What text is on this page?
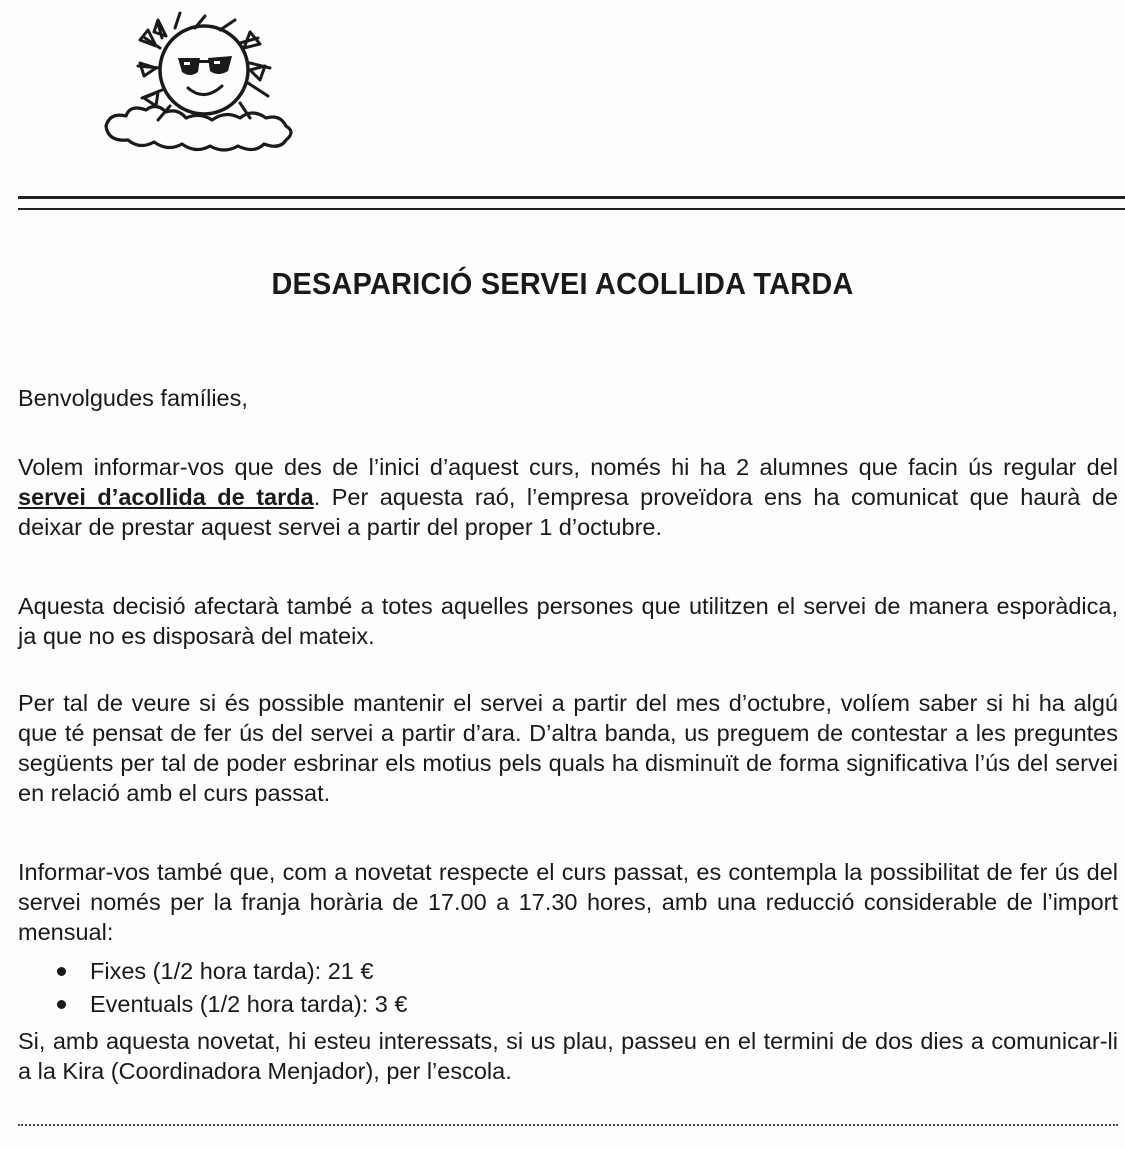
DESAPARICIÓ SERVEI ACOLLIDA TARDA
Benvolgudes famílies,
Volem informar-vos que des de l’inici d’aquest curs, només hi ha 2 alumnes que facin ús regular del servei d’acollida de tarda. Per aquesta raó, l’empresa proveïdora ens ha comunicat que haurà de deixar de prestar aquest servei a partir del proper 1 d’octubre.
Aquesta decisió afectarà també a totes aquelles persones que utilitzen el servei de manera esporàdica, ja que no es disposarà del mateix.
Per tal de veure si és possible mantenir el servei a partir del mes d’octubre, volíem saber si hi ha algú que té pensat de fer ús del servei a partir d’ara. D’altra banda, us preguem de contestar a les preguntes següents per tal de poder esbrinar els motius pels quals ha disminuït de forma significativa l’ús del servei en relació amb el curs passat.
Informar-vos també que, com a novetat respecte el curs passat, es contempla la possibilitat de fer ús del servei només per la franja horària de 17.00 a 17.30 hores, amb una reducció considerable de l’import mensual:
Fixes (1/2 hora tarda): 21 €
Eventuals (1/2 hora tarda): 3 €
Si, amb aquesta novetat, hi esteu interessats, si us plau, passeu en el termini de dos dies a comunicar-li a la Kira (Coordinadora Menjador), per l’escola.
